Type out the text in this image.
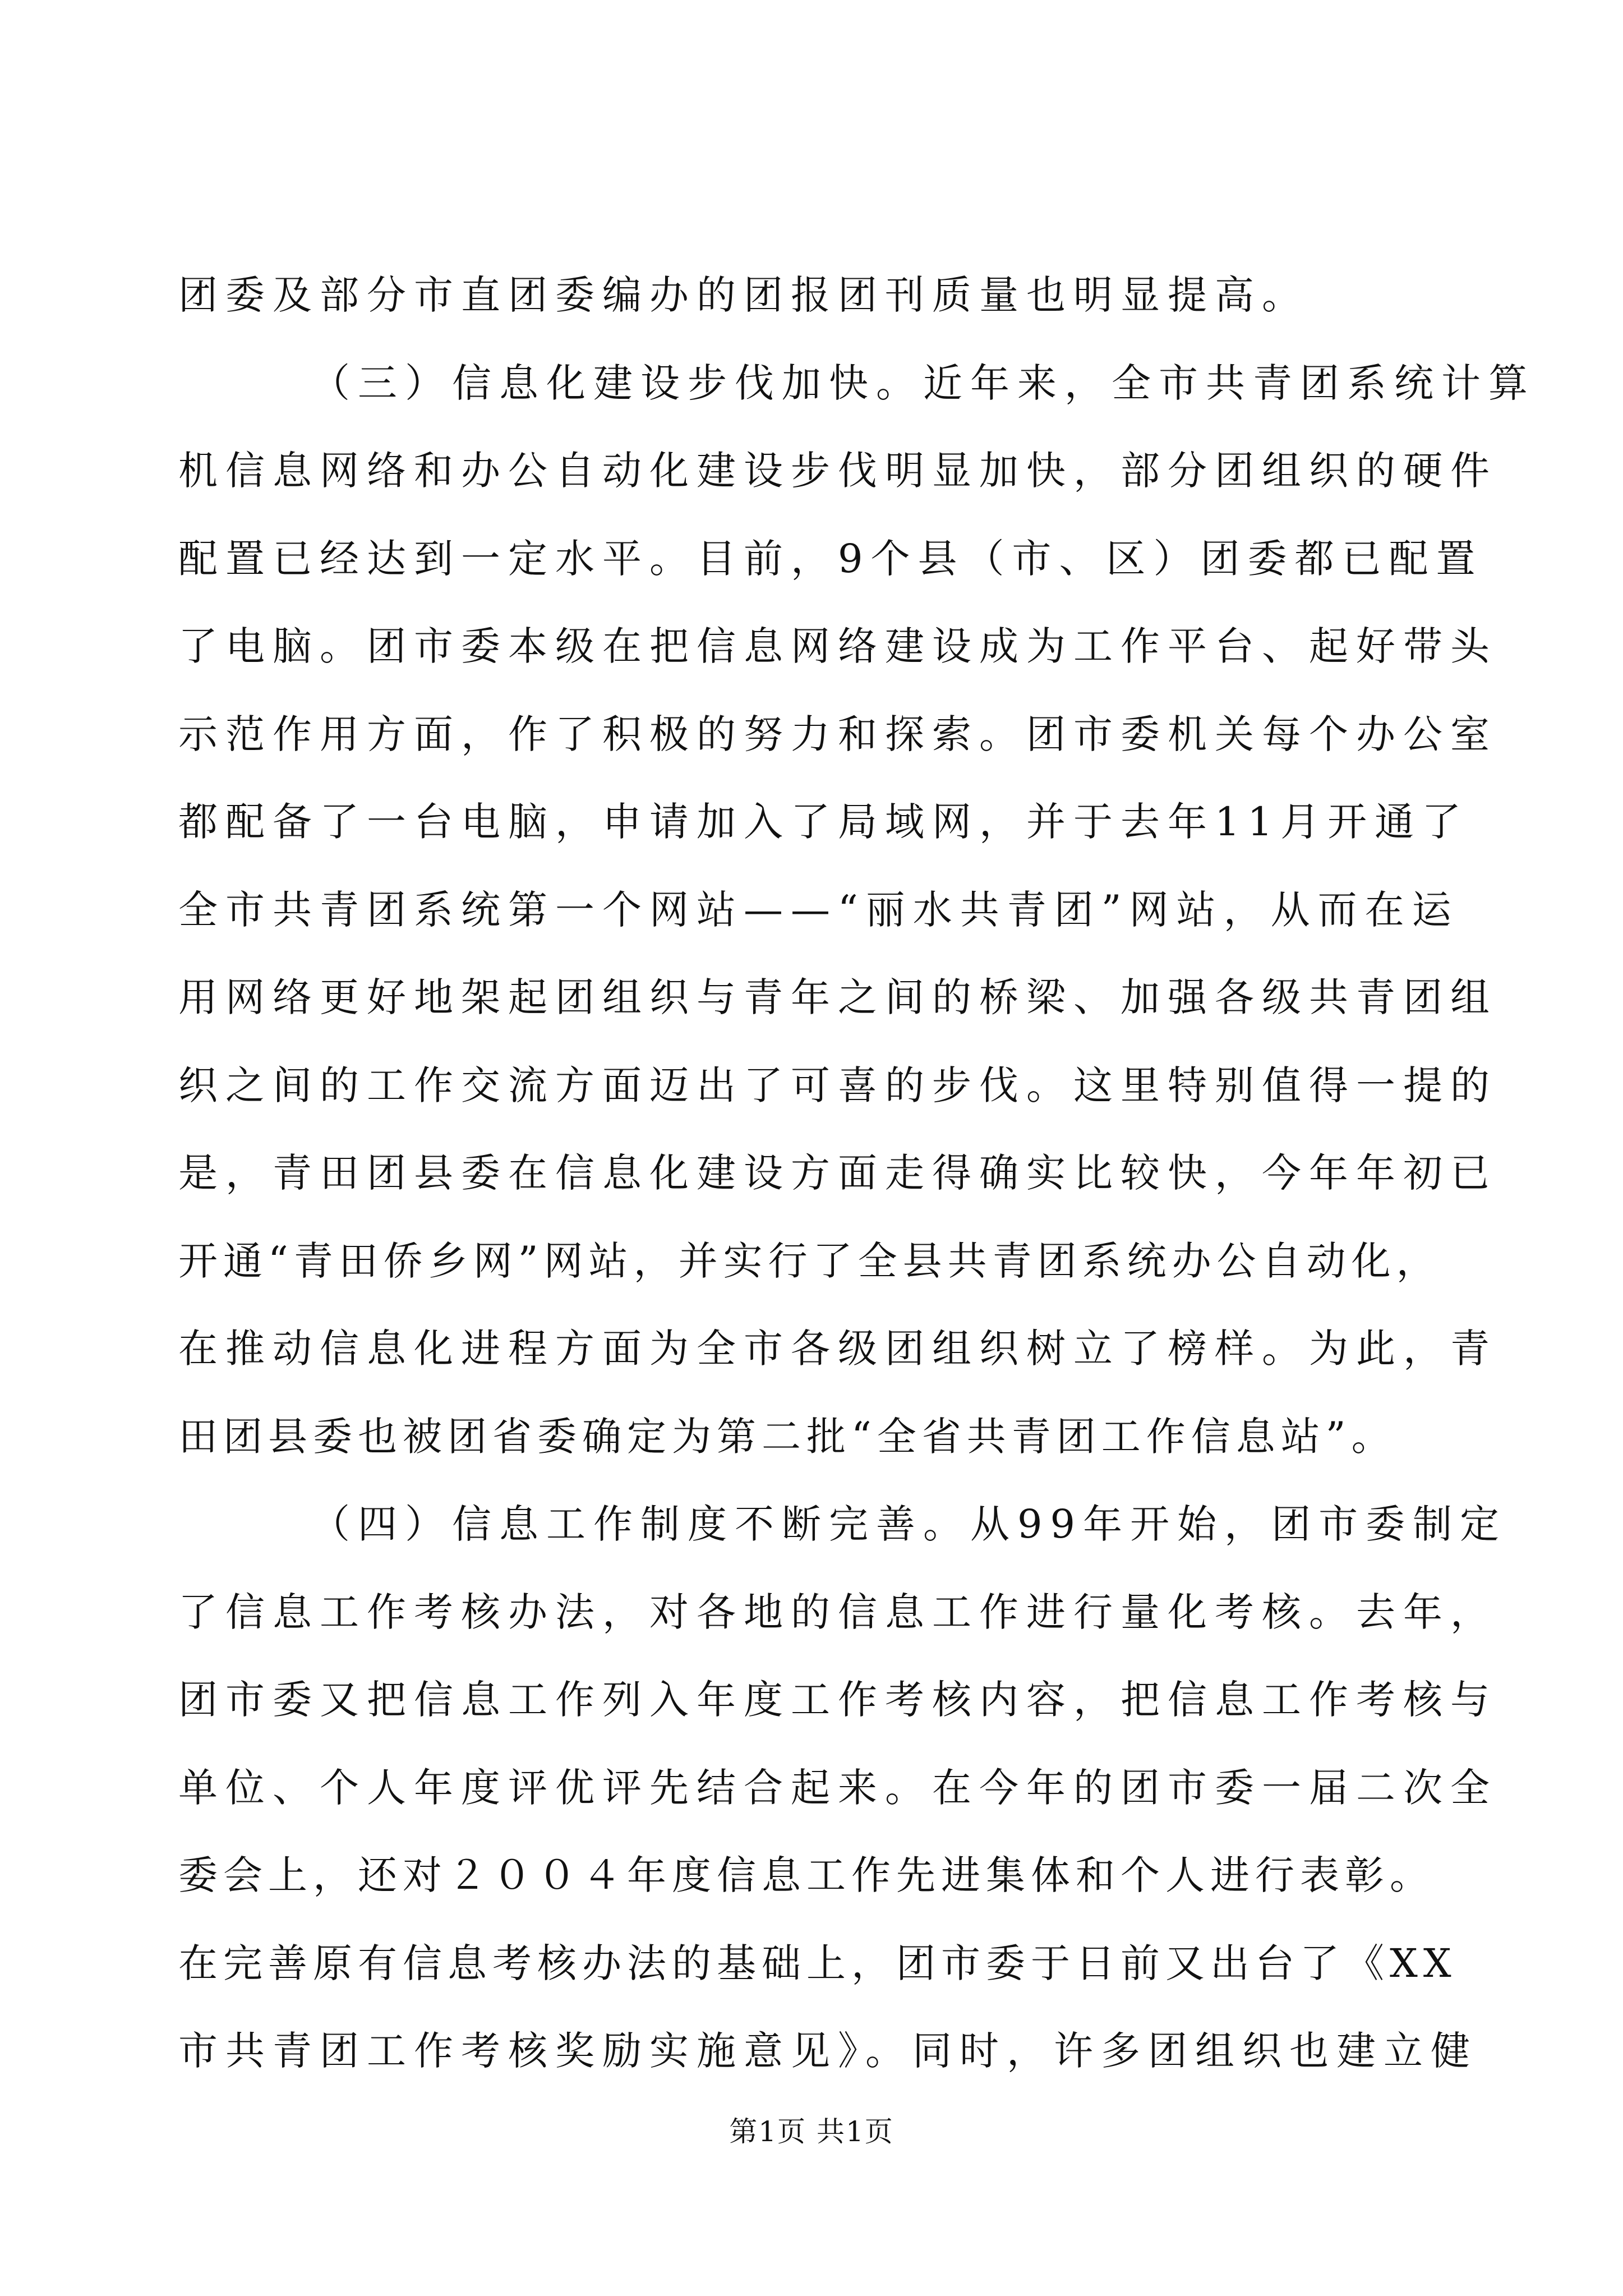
团委及部分市直团委编办的团报团刊质量也明显提高。
（三）信息化建设步伐加快。近年来，全市共青团系统计算
机信息网络和办公自动化建设步伐明显加快，部分团组织的硬件
配置已经达到一定水平。目前，9个县（市、区）团委都已配置
了电脑。团市委本级在把信息网络建设成为工作平台、起好带头
示范作用方面，作了积极的努力和探索。团市委机关每个办公室
都配备了一台电脑，申请加入了局域网，并于去年11月开通了
全市共青团系统第一个网站——“丽水共青团”网站，从而在运
用网络更好地架起团组织与青年之间的桥梁、加强各级共青团组
织之间的工作交流方面迈出了可喜的步伐。这里特别值得一提的
是，青田团县委在信息化建设方面走得确实比较快，今年年初已
开通“青田侨乡网”网站，并实行了全县共青团系统办公自动化，
在推动信息化进程方面为全市各级团组织树立了榜样。为此，青
田团县委也被团省委确定为第二批“全省共青团工作信息站”。
（四）信息工作制度不断完善。从99年开始，团市委制定
了信息工作考核办法，对各地的信息工作进行量化考核。去年，
团市委又把信息工作列入年度工作考核内容，把信息工作考核与
单位、个人年度评优评先结合起来。在今年的团市委一届二次全
委会上，还对２００４年度信息工作先进集体和个人进行表彰。
在完善原有信息考核办法的基础上，团市委于日前又出台了《XX
市共青团工作考核奖励实施意见》。同时，许多团组织也建立健
第1页 共1页
